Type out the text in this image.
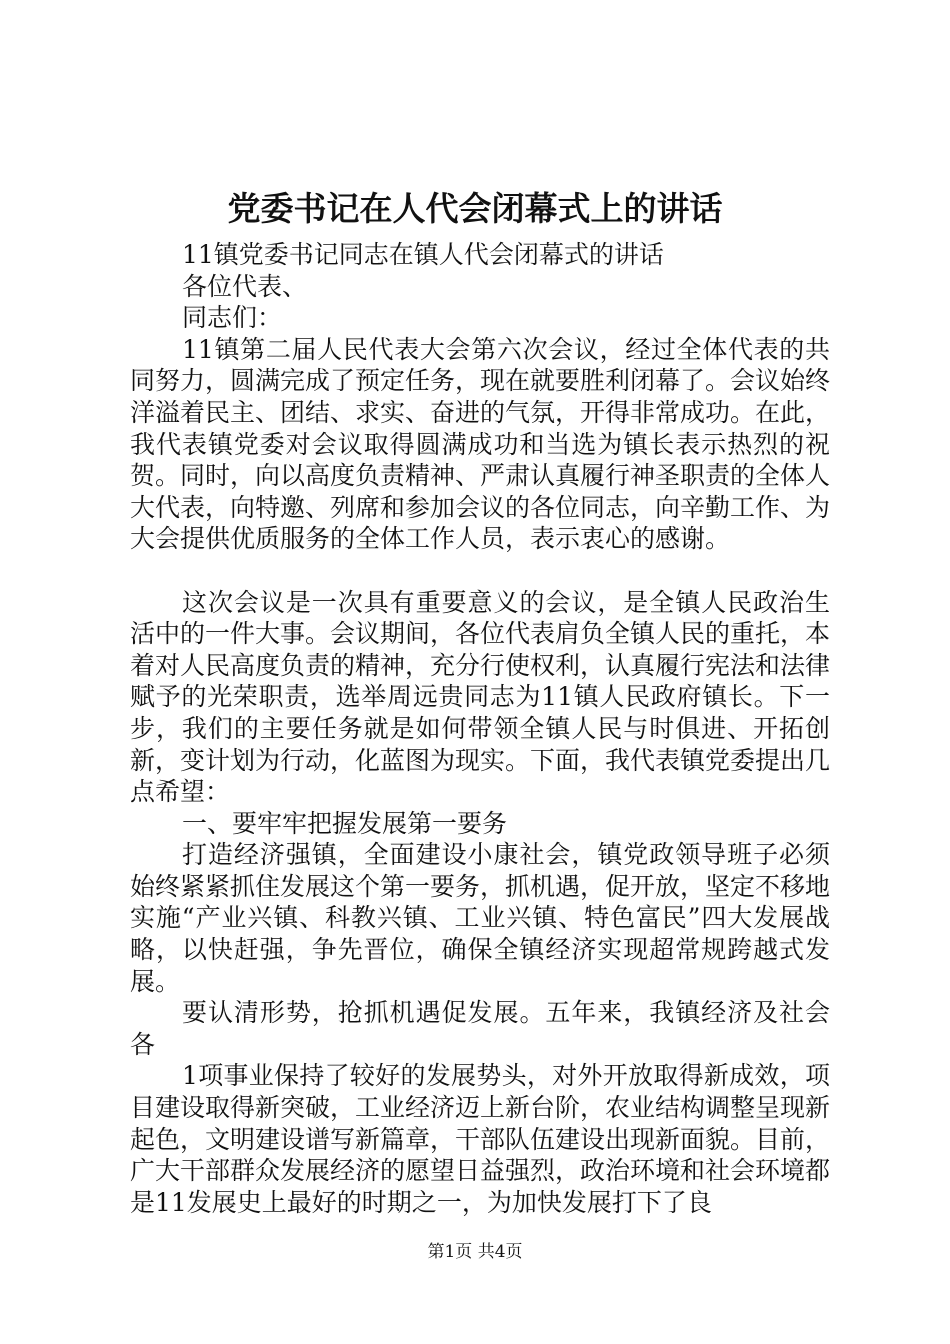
党委书记在人代会闭幕式上的讲话

11镇党委书记同志在镇人代会闭幕式的讲话

各位代表、

同志们：

11镇第二届人民代表大会第六次会议，经过全体代表的共同努力，圆满完成了预定任务，现在就要胜利闭幕了。会议始终洋溢着民主、团结、求实、奋进的气氛，开得非常成功。在此，我代表镇党委对会议取得圆满成功和当选为镇长表示热烈的祝贺。同时，向以高度负责精神、严肃认真履行神圣职责的全体人大代表，向特邀、列席和参加会议的各位同志，向辛勤工作、为大会提供优质服务的全体工作人员，表示衷心的感谢。

这次会议是一次具有重要意义的会议，是全镇人民政治生活中的一件大事。会议期间，各位代表肩负全镇人民的重托，本着对人民高度负责的精神，充分行使权利，认真履行宪法和法律赋予的光荣职责，选举周远贵同志为11镇人民政府镇长。下一步，我们的主要任务就是如何带领全镇人民与时俱进、开拓创新，变计划为行动，化蓝图为现实。下面，我代表镇党委提出几点希望：

一、要牢牢把握发展第一要务

打造经济强镇，全面建设小康社会，镇党政领导班子必须始终紧紧抓住发展这个第一要务，抓机遇，促开放，坚定不移地实施“产业兴镇、科教兴镇、工业兴镇、特色富民”四大发展战略，以快赶强，争先晋位，确保全镇经济实现超常规跨越式发展。

要认清形势，抢抓机遇促发展。五年来，我镇经济及社会各

1项事业保持了较好的发展势头，对外开放取得新成效，项目建设取得新突破，工业经济迈上新台阶，农业结构调整呈现新起色，文明建设谱写新篇章，干部队伍建设出现新面貌。目前，广大干部群众发展经济的愿望日益强烈，政治环境和社会环境都是11发展史上最好的时期之一，为加快发展打下了良

第1页 共4页
